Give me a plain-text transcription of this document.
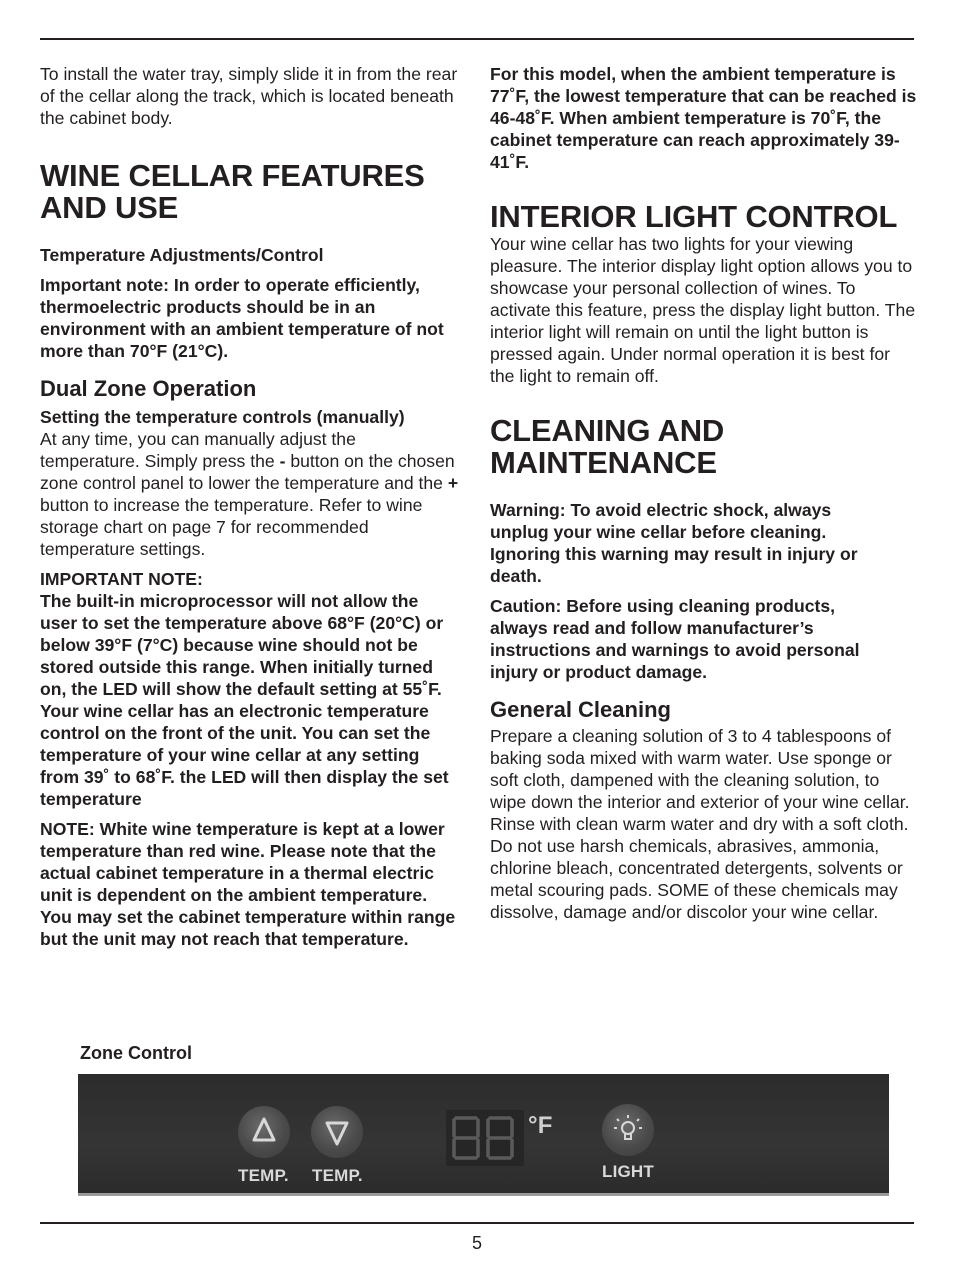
To install the water tray, simply slide it in from the rear of the cellar along the track, which is located beneath the cabinet body.

WINE CELLAR FEATURES AND USE

Temperature Adjustments/Control

Important note: In order to operate efficiently, thermoelectric products should be in an environment with an ambient temperature of not more than 70°F (21°C).

Dual Zone Operation

Setting the temperature controls (manually)

At any time, you can manually adjust the temperature. Simply press the - button on the chosen zone control panel to lower the temperature and the + button to increase the temperature. Refer to wine storage chart on page 7 for recommended temperature settings.

IMPORTANT NOTE:

The built-in microprocessor will not allow the user to set the temperature above 68°F (20°C) or below 39°F (7°C) because wine should not be stored outside this range. When initially turned on, the LED will show the default setting at 55˚F. Your wine cellar has an electronic temperature control on the front of the unit. You can set the temperature of your wine cellar at any setting from 39˚ to 68˚F. the LED will then display the set temperature

NOTE: White wine temperature is kept at a lower temperature than red wine. Please note that the actual cabinet temperature in a thermal electric unit is dependent on the ambient temperature. You may set the cabinet temperature within range but the unit may not reach that temperature.

For this model, when the ambient temperature is 77˚F, the lowest temperature that can be reached is 46-48˚F. When ambient temperature is 70˚F, the cabinet temperature can reach approximately 39-41˚F.

INTERIOR LIGHT CONTROL

Your wine cellar has two lights for your viewing pleasure. The interior display light option allows you to showcase your personal collection of wines. To activate this feature, press the display light button. The interior light will remain on until the light button is pressed again. Under normal operation it is best for the light to remain off.

CLEANING AND
MAINTENANCE

Warning: To avoid electric shock, always unplug your wine cellar before cleaning. Ignoring this warning may result in injury or death.

Caution: Before using cleaning products, always read and follow manufacturer’s instructions and warnings to avoid personal injury or product damage.

General Cleaning

Prepare a cleaning solution of 3 to 4 tablespoons of baking soda mixed with warm water. Use sponge or soft cloth, dampened with the cleaning solution, to wipe down the interior and exterior of your wine cellar. Rinse with clean warm water and dry with a soft cloth. Do not use harsh chemicals, abrasives, ammonia, chlorine bleach, concentrated detergents, solvents or metal scouring pads. SOME of these chemicals may dissolve, damage and/or discolor your wine cellar.

Zone Control
TEMP. TEMP.
°F
LIGHT
5
